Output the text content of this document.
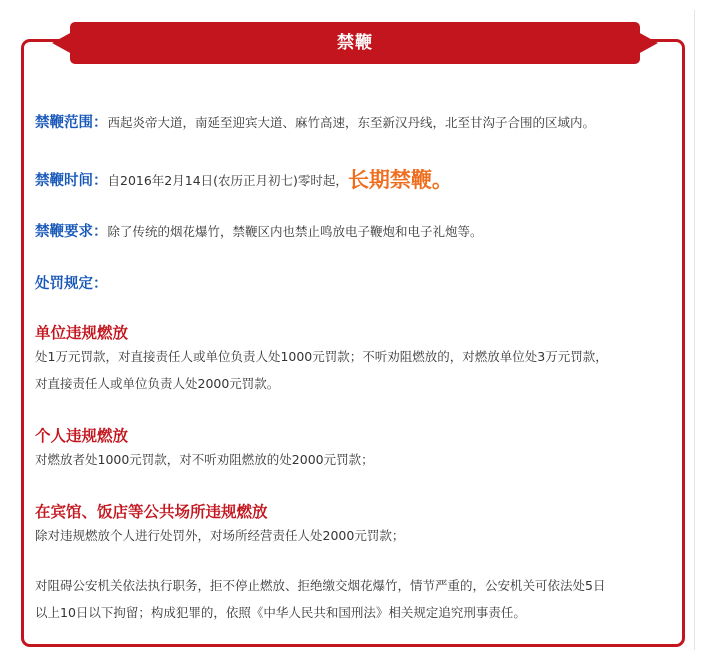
禁鞭
禁鞭范围：西起炎帝大道，南延至迎宾大道、麻竹高速，东至新汉丹线，北至甘沟子合围的区域内。
禁鞭时间：自2016年2月14日(农历正月初七)零时起，长期禁鞭。
禁鞭要求：除了传统的烟花爆竹，禁鞭区内也禁止鸣放电子鞭炮和电子礼炮等。
处罚规定：
单位违规燃放
处1万元罚款，对直接责任人或单位负责人处1000元罚款；不听劝阻燃放的，对燃放单位处3万元罚款，
对直接责任人或单位负责人处2000元罚款。
个人违规燃放
对燃放者处1000元罚款，对不听劝阻燃放的处2000元罚款；
在宾馆、饭店等公共场所违规燃放
除对违规燃放个人进行处罚外，对场所经营责任人处2000元罚款；
对阻碍公安机关依法执行职务，拒不停止燃放、拒绝缴交烟花爆竹，情节严重的，公安机关可依法处5日
以上10日以下拘留；构成犯罪的，依照《中华人民共和国刑法》相关规定追究刑事责任。
